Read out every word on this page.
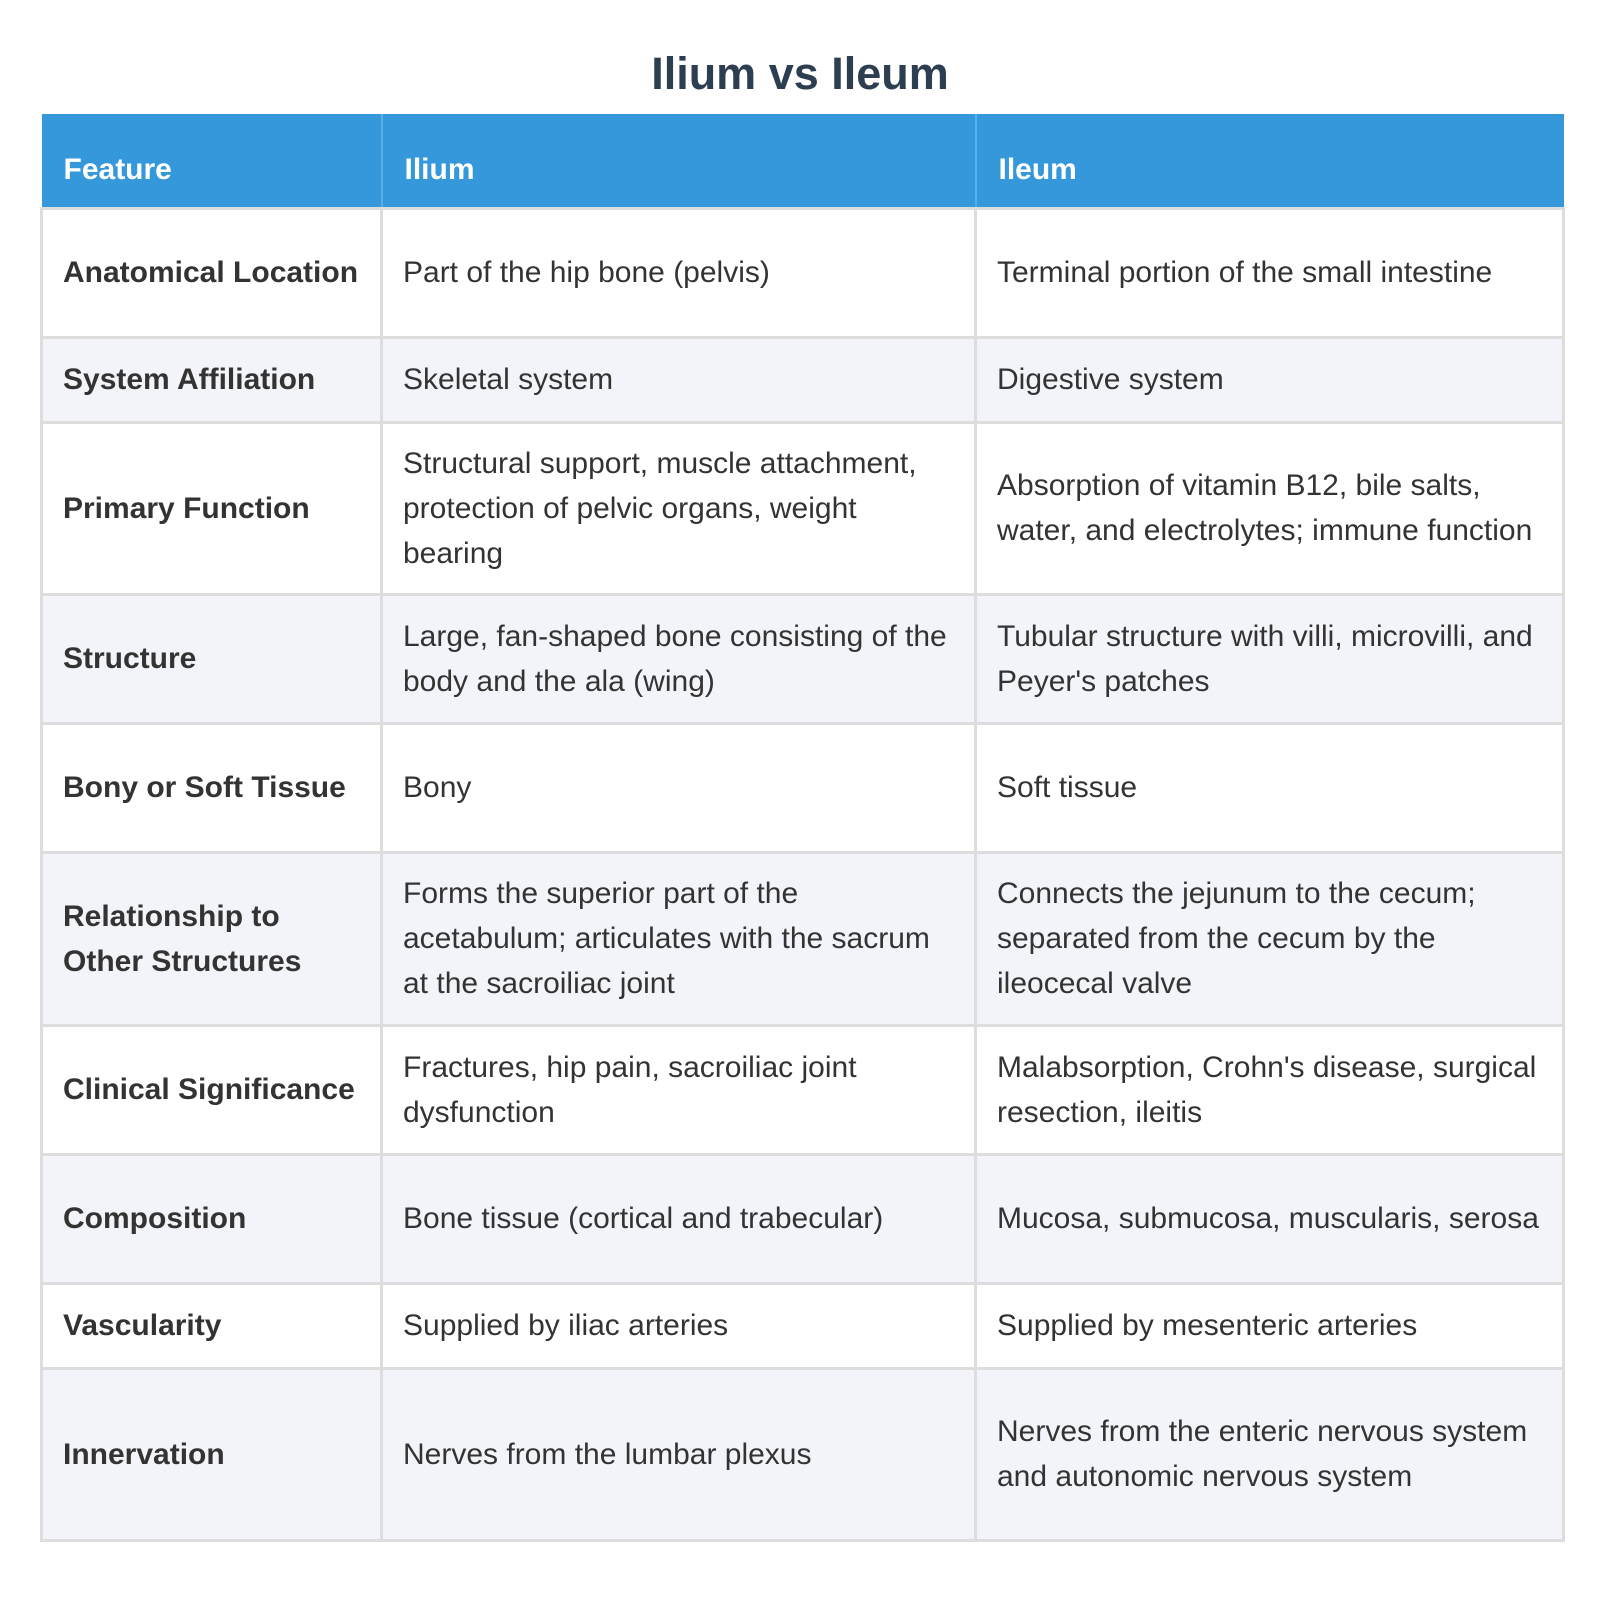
Ilium vs Ileum
Feature	Ilium	Ileum
Anatomical Location	Part of the hip bone (pelvis)	Terminal portion of the small intestine
System Affiliation	Skeletal system	Digestive system
Primary Function	Structural support, muscle attachment, protection of pelvic organs, weight bearing	Absorption of vitamin B12, bile salts, water, and electrolytes; immune function
Structure	Large, fan-shaped bone consisting of the body and the ala (wing)	Tubular structure with villi, microvilli, and Peyer's patches
Bony or Soft Tissue	Bony	Soft tissue
Relationship to Other Structures	Forms the superior part of the acetabulum; articulates with the sacrum at the sacroiliac joint	Connects the jejunum to the cecum; separated from the cecum by the ileocecal valve
Clinical Significance	Fractures, hip pain, sacroiliac joint dysfunction	Malabsorption, Crohn's disease, surgical resection, ileitis
Composition	Bone tissue (cortical and trabecular)	Mucosa, submucosa, muscularis, serosa
Vascularity	Supplied by iliac arteries	Supplied by mesenteric arteries
Innervation	Nerves from the lumbar plexus	Nerves from the enteric nervous system and autonomic nervous system
